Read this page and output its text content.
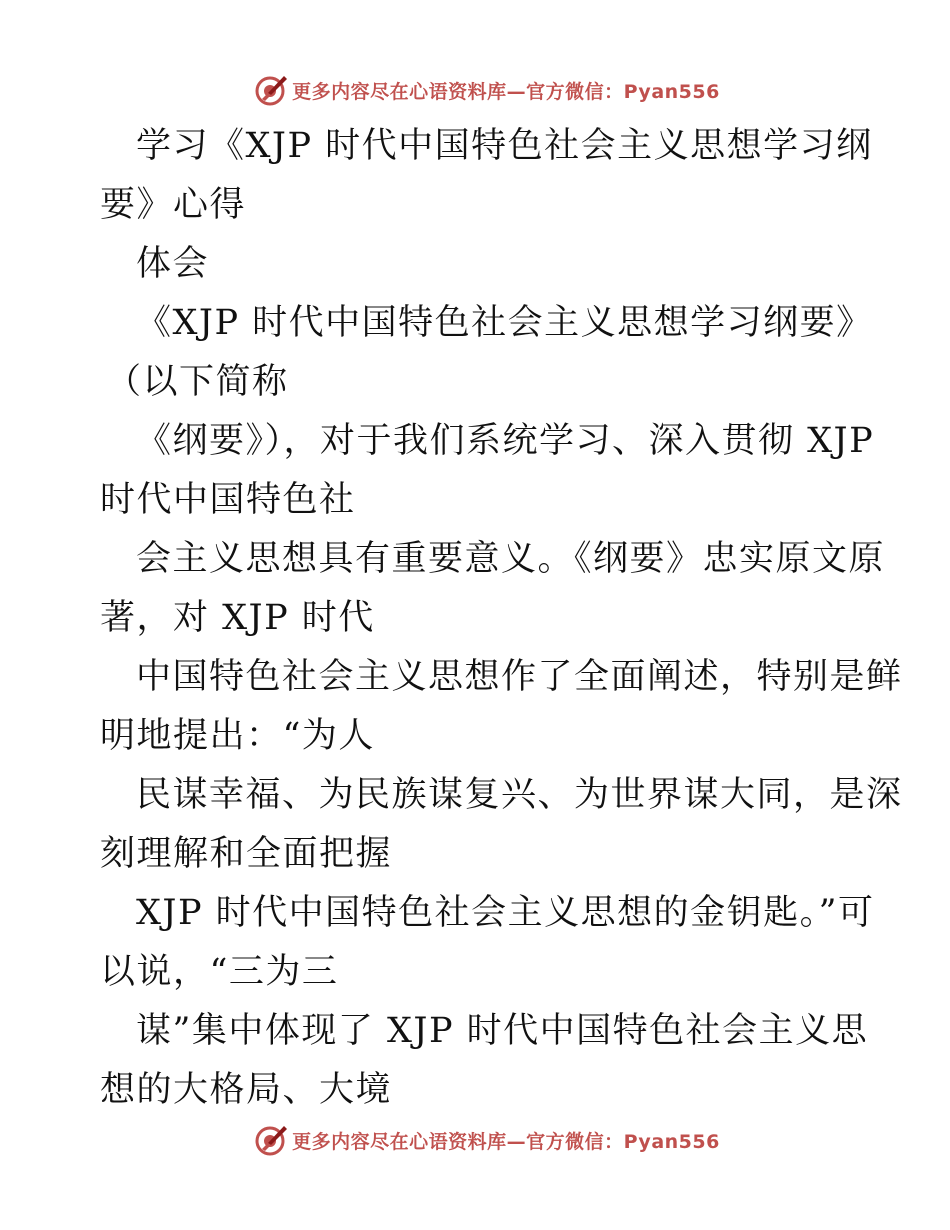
更多内容尽在心语资料库—官方微信：Pyan556
学习《XJP 时代中国特色社会主义思想学习纲
要》心得
体会
《XJP 时代中国特色社会主义思想学习纲要》
（以下简称
《纲要》），对于我们系统学习、深入贯彻 XJP
时代中国特色社
会主义思想具有重要意义。《纲要》忠实原文原
著，对 XJP 时代
中国特色社会主义思想作了全面阐述，特别是鲜
明地提出：“为人
民谋幸福、为民族谋复兴、为世界谋大同，是深
刻理解和全面把握
XJP 时代中国特色社会主义思想的金钥匙。”可
以说，“三为三
谋”集中体现了 XJP 时代中国特色社会主义思
想的大格局、大境
更多内容尽在心语资料库—官方微信：Pyan556
